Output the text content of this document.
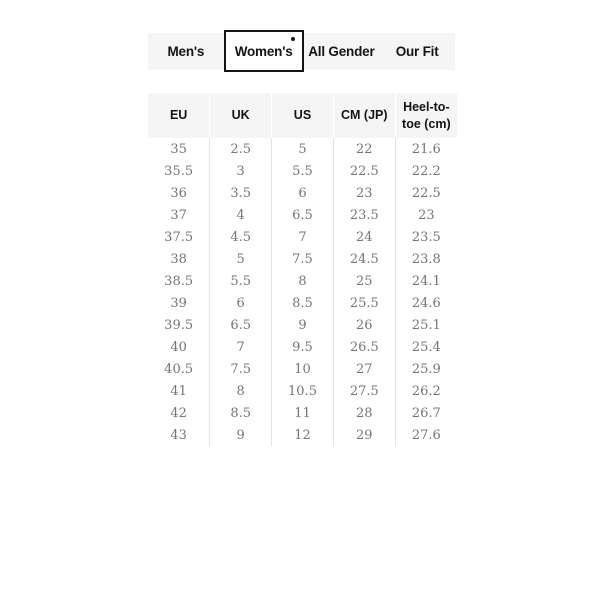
Men's	Women's	All Gender	Our Fit
EU	UK	US	CM (JP)	Heel-to-toe (cm)
35	2.5	5	22	21.6
35.5	3	5.5	22.5	22.2
36	3.5	6	23	22.5
37	4	6.5	23.5	23
37.5	4.5	7	24	23.5
38	5	7.5	24.5	23.8
38.5	5.5	8	25	24.1
39	6	8.5	25.5	24.6
39.5	6.5	9	26	25.1
40	7	9.5	26.5	25.4
40.5	7.5	10	27	25.9
41	8	10.5	27.5	26.2
42	8.5	11	28	26.7
43	9	12	29	27.6
